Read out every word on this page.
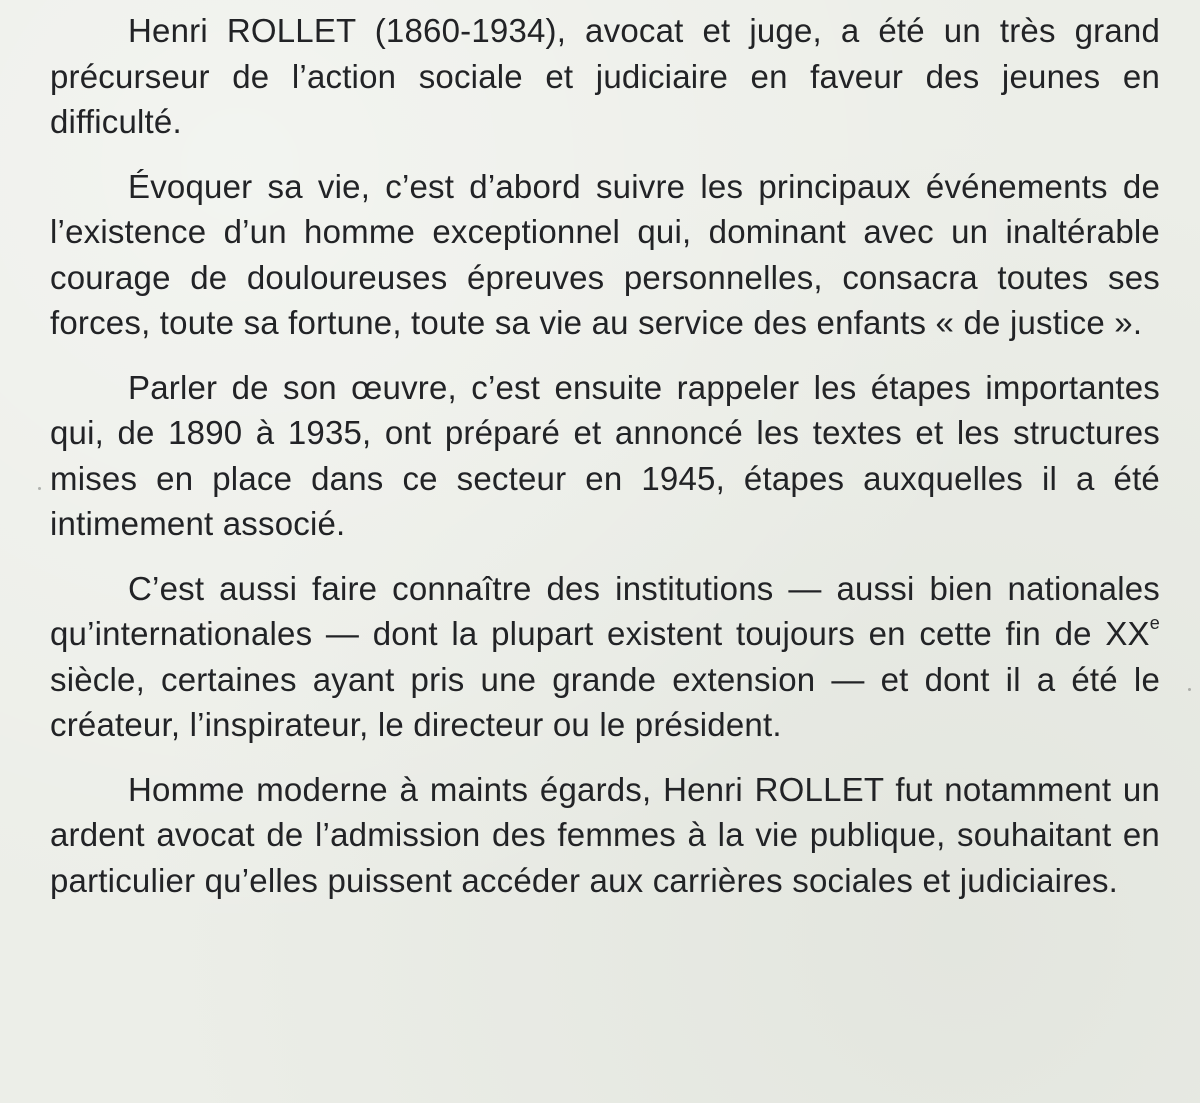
Henri ROLLET (1860-1934), avocat et juge, a été un très grand précurseur de l’action sociale et judiciaire en faveur des jeunes en difficulté.

Évoquer sa vie, c’est d’abord suivre les principaux événements de l’existence d’un homme exceptionnel qui, dominant avec un inaltérable courage de douloureuses épreuves personnelles, consacra toutes ses forces, toute sa fortune, toute sa vie au service des enfants « de justice ».

Parler de son œuvre, c’est ensuite rappeler les étapes importantes qui, de 1890 à 1935, ont préparé et annoncé les textes et les structures mises en place dans ce secteur en 1945, étapes auxquelles il a été intimement associé.

C’est aussi faire connaître des institutions — aussi bien nationales qu’internationales — dont la plupart existent toujours en cette fin de XXe siècle, certaines ayant pris une grande extension — et dont il a été le créateur, l’inspirateur, le directeur ou le président.

Homme moderne à maints égards, Henri ROLLET fut notamment un ardent avocat de l’admission des femmes à la vie publique, souhaitant en particulier qu’elles puissent accéder aux carrières sociales et judiciaires.
